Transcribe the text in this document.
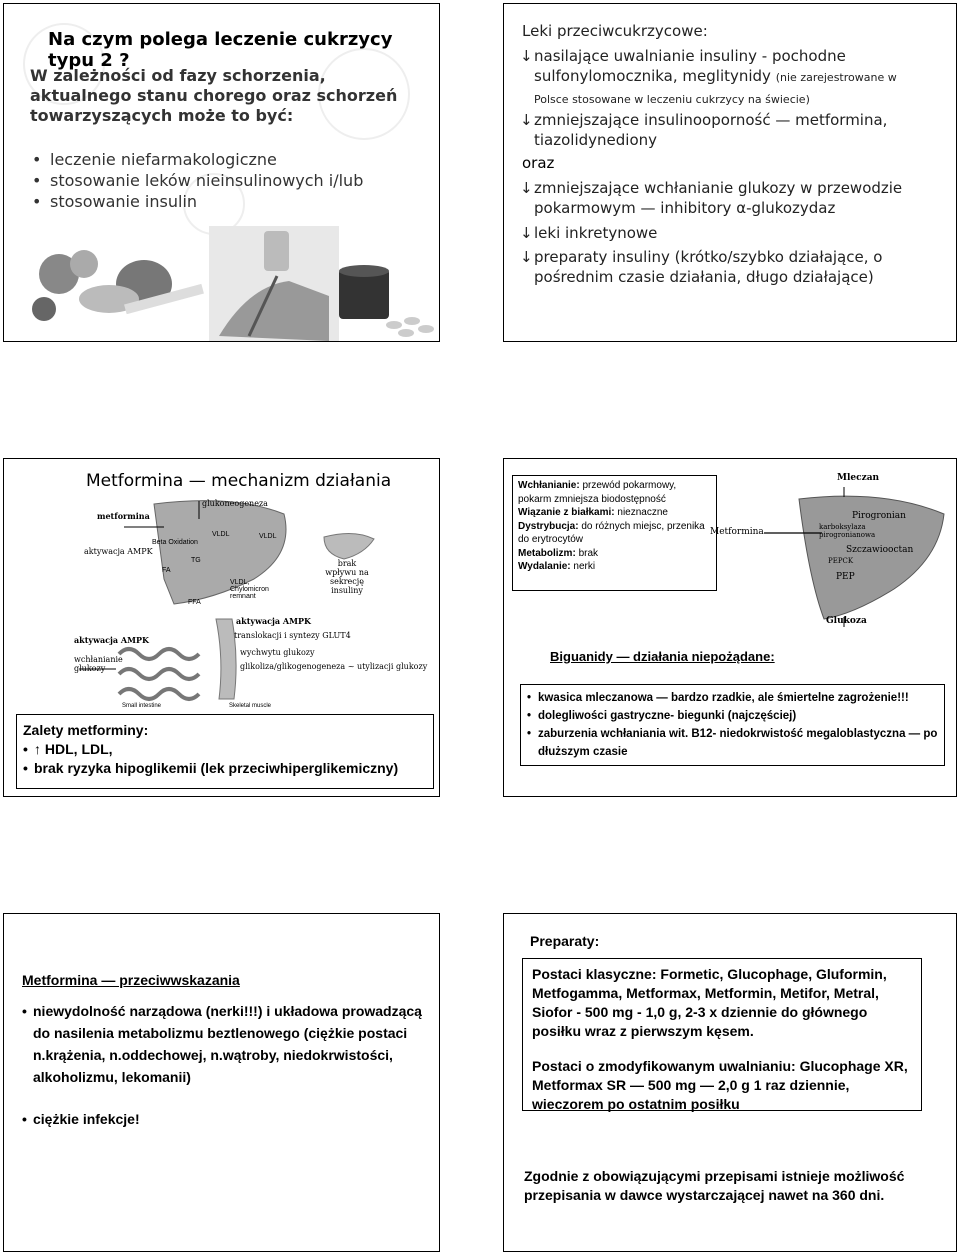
Na czym polega leczenie cukrzycy typu 2 ?
W zależności od fazy schorzenia, aktualnego stanu chorego oraz schorzeń towarzyszących może to być:
• leczenie niefarmakologiczne
• stosowanie leków nieinsulinowych i/lub
• stosowanie insulin
Leki przeciwcukrzycowe:
↓nasilające uwalnianie insuliny - pochodne sulfonylomocznika, meglitynidy (nie zarejestrowane w Polsce stosowane w leczeniu cukrzycy na świecie)
↓zmniejszające insulinooporność — metformina, tiazolidynediony
oraz
↓zmniejszające wchłanianie glukozy w przewodzie pokarmowym — inhibitory α-glukozydaz
↓leki inkretynowe
↓preparaty insuliny (krótko/szybko działające, o pośrednim czasie działania, długo działające)
Metformina — mechanizm działania
metformina
glukoneogeneza
aktywacja AMPK
Beta Oxidation
VLDL	VLDL
TG
FA
FFA
VLDL, Chylomicron remnant
brak wpływu na sekrecję insuliny
aktywacja AMPK
aktywacja AMPK	translokacji i syntezy GLUT4
wychwytu glukozy
glikoliza/glikogenogeneza ~ utylizacji glukozy
wchłanianie glukozy
Small intestine	Skeletal muscle
Zalety metforminy:
• ↑ HDL, LDL,
• brak ryzyka hipoglikemii (lek przeciwhiperglikemiczny)
Wchłanianie: przewód pokarmowy, pokarm zmniejsza biodostępność
Wiązanie z białkami: nieznaczne
Dystrybucja: do różnych miejsc, przenika do erytrocytów
Metabolizm: brak
Wydalanie: nerki
Mleczan
Pirogronian
karboksylaza pirogronianowa
Szczawiooctan
PEPCK
PEP
Glukoza
Metformina
Biguanidy — działania niepożądane:
• kwasica mleczanowa — bardzo rzadkie, ale śmiertelne zagrożenie!!!
• dolegliwości gastryczne- biegunki (najczęściej)
• zaburzenia wchłaniania wit. B12- niedokrwistość megaloblastyczna — po dłuższym czasie
Metformina — przeciwwskazania
• niewydolność narządowa (nerki!!!) i układowa prowadzącą do nasilenia metabolizmu beztlenowego (ciężkie postaci n.krążenia, n.oddechowej, n.wątroby, niedokrwistości, alkoholizmu, lekomanii)
• ciężkie infekcje!
Preparaty:
Postaci klasyczne: Formetic, Glucophage, Gluformin, Metfogamma, Metformax, Metformin, Metifor, Metral, Siofor - 500 mg - 1,0 g, 2-3 x dziennie do głównego posiłku wraz z pierwszym kęsem.
Postaci o zmodyfikowanym uwalnianiu: Glucophage XR, Metformax SR — 500 mg — 2,0 g 1 raz dziennie, wieczorem po ostatnim posiłku
Zgodnie z obowiązującymi przepisami istnieje możliwość przepisania w dawce wystarczającej nawet na 360 dni.
